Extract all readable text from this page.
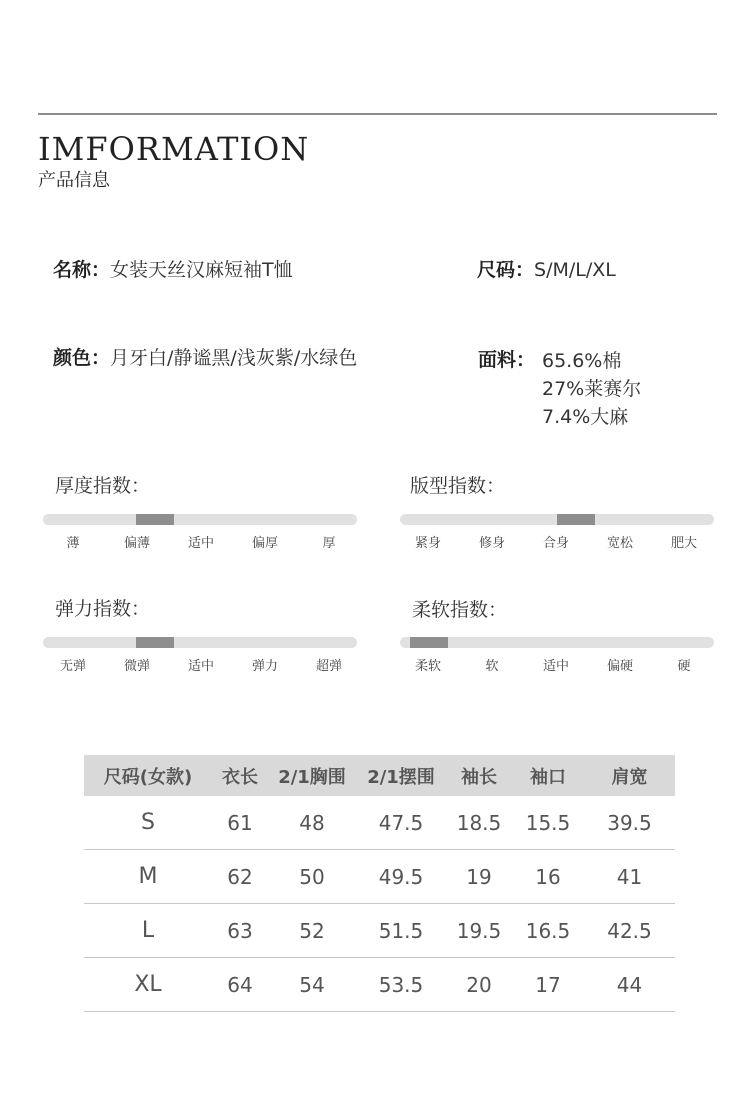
IMFORMATION
产品信息
名称：女装天丝汉麻短袖T恤	尺码：S/M/L/XL
颜色：月牙白/静谧黑/浅灰紫/水绿色	面料： 65.6%棉
27%莱赛尔
7.4%大麻
厚度指数：
薄	偏薄	适中	偏厚	厚
版型指数：
紧身	修身	合身	宽松	肥大
弹力指数：
无弹	微弹	适中	弹力	超弹
柔软指数：
柔软	软	适中	偏硬	硬
尺码(女款)	衣长	2/1胸围	2/1摆围	袖长	袖口	肩宽
S	61	48	47.5	18.5	15.5	39.5
M	62	50	49.5	19	16	41
L	63	52	51.5	19.5	16.5	42.5
XL	64	54	53.5	20	17	44
